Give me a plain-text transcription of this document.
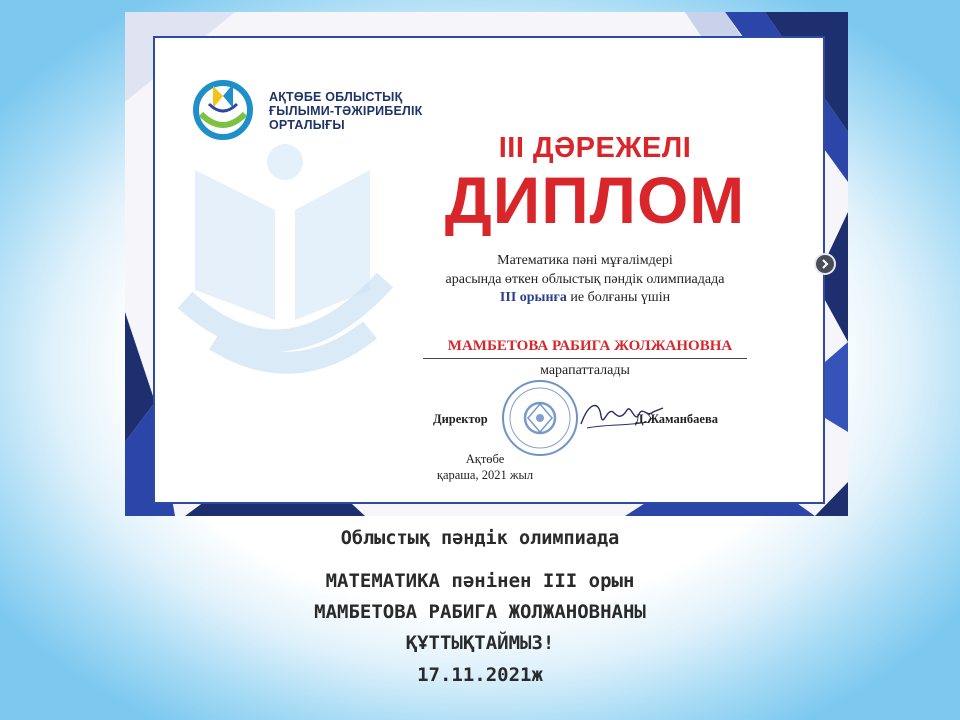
АҚТӨБЕ ОБЛЫСТЫҚ
ҒЫЛЫМИ-ТӘЖІРИБЕЛІК
ОРТАЛЫҒЫ
III ДӘРЕЖЕЛІ
ДИПЛОМ
Математика пәні мұғалімдері
арасында өткен облыстық пәндік олимпиадада
III орынға ие болғаны үшін
МАМБЕТОВА РАБИГА ЖОЛЖАНОВНА
марапатталады
Директор	Д.Жаманбаева
Ақтөбе
қараша, 2021 жыл
Облыстық пәндік олимпиада
МАТЕМАТИКА пәнінен III орын
МАМБЕТОВА РАБИГА ЖОЛЖАНОВНАНЫ
ҚҰТТЫҚТАЙМЫЗ!
17.11.2021ж
